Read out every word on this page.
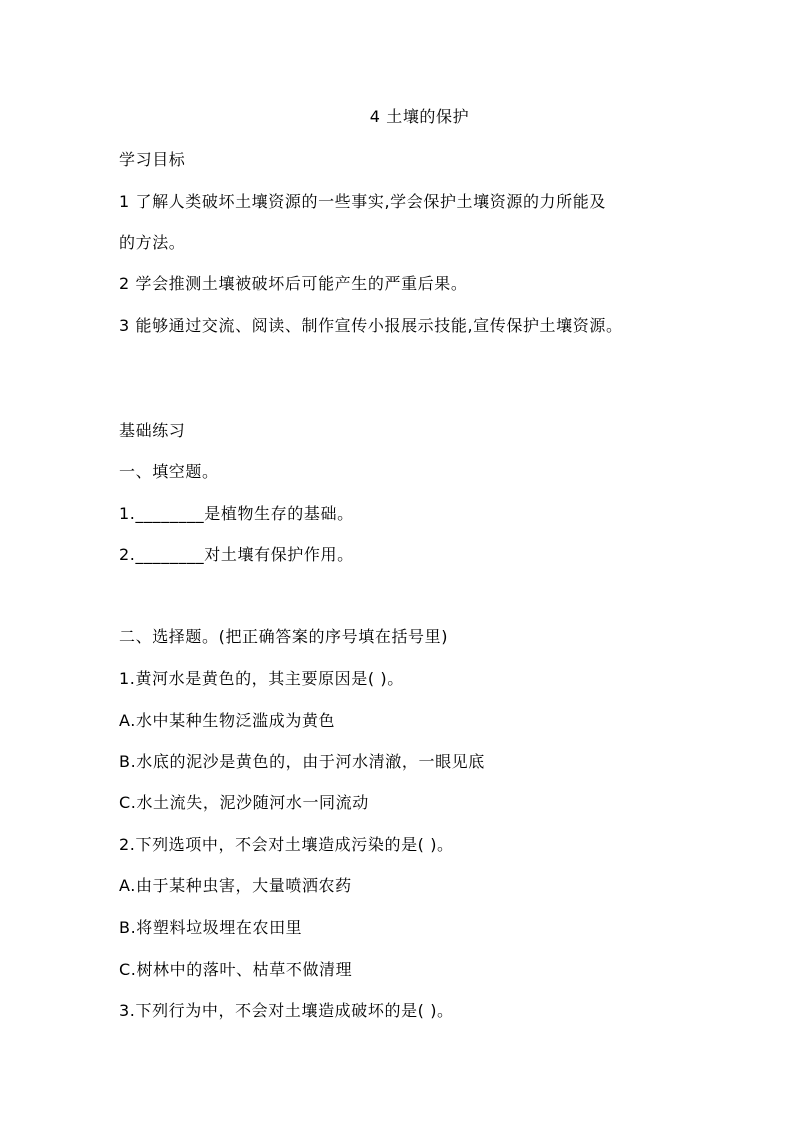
4 土壤的保护

学习目标

1 了解人类破坏土壤资源的一些事实,学会保护土壤资源的力所能及

的方法。

2 学会推测土壤被破坏后可能产生的严重后果。

3 能够通过交流、阅读、制作宣传小报展示技能,宣传保护土壤资源。

基础练习

一、填空题。

1.________是植物生存的基础。

2.________对土壤有保护作用。

二、选择题。(把正确答案的序号填在括号里)

1.黄河水是黄色的，其主要原因是( )。

A.水中某种生物泛滥成为黄色

B.水底的泥沙是黄色的，由于河水清澈，一眼见底

C.水土流失，泥沙随河水一同流动

2.下列选项中，不会对土壤造成污染的是( )。

A.由于某种虫害，大量喷洒农药

B.将塑料垃圾埋在农田里

C.树林中的落叶、枯草不做清理

3.下列行为中，不会对土壤造成破坏的是( )。
